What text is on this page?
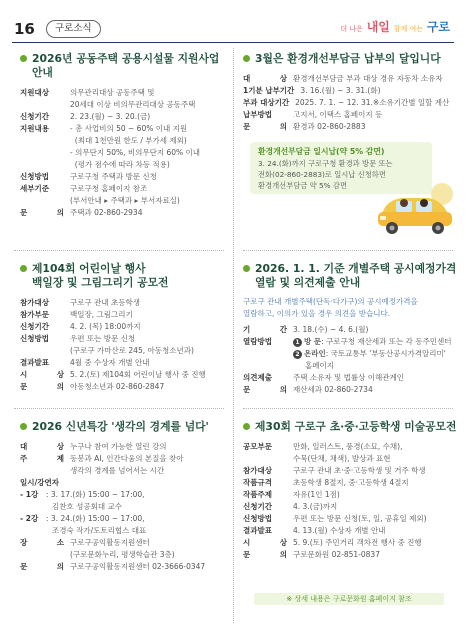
16	구로소식	더 나은 내일 함께 여는 구로
2026년 공동주택 공용시설물 지원사업 안내
지원대상	의무관리대상 공동주택 및
20세대 이상 비의무관리대상 공동주택
신청기간	2. 23.(월) ~ 3. 20.(금)
지원내용	- 총 사업비의 50 ~ 60% 이내 지원
(최대 1천만원 한도 / 부가세 제외)
- 의무단지 50%, 비의무단지 60% 이내
(평가 점수에 따라 차등 적용)
신청방법	구로구청 주택과 방문 신청
세부기준	구로구청 홈페이지 참조
(부서안내 ▸ 주택과 ▸ 부서자료실)
문 의 주택과 02-860-2934
3월은 환경개선부담금 납부의 달입니다
대 상 환경개선부담금 부과 대상 경유 자동차 소유자
1기분 납부기간 3. 16.(월) ~ 3. 31.(화)
부과 대상기간 2025. 7. 1. ~ 12. 31.※소유기간별 일할 계산
납부방법	고지서, 이택스 홈페이지 등
문 의 환경과 02-860-2883
환경개선부담금 일시납(약 5% 감면)
3. 24.(화)까지 구로구청 환경과 방문 또는
전화(02-860-2883)로 일시납 신청하면
환경개선부담금 약 5% 감면
제104회 어린이날 행사
백일장 및 그림그리기 공모전
참가대상	구로구 관내 초등학생
참가부문	백일장, 그림그리기
신청기간	4. 2. (목) 18:00까지
신청방법	우편 또는 방문 신청
(구로구 가마산로 245, 아동청소년과)
결과발표	4월 중 수상자 개별 안내
시 상 5. 2.(토) 제104회 어린이날 행사 중 진행
문 의 아동청소년과 02-860-2847
2026. 1. 1. 기준 개별주택 공시예정가격
열람 및 의견제출 안내
구로구 관내 개별주택(단독·다가구)의 공시예정가격을
열람하고, 이의가 있을 경우 의견을 받습니다.
기 간 3. 18.(수) ~ 4. 6.(월)
열람방법	1 방 문: 구로구청 재산세과 또는 각 동주민센터
2 온라인: 국토교통부 '부동산공시가격알리미'
홈페이지
의견제출	주택 소유자 및 법률상 이해관계인
문 의 재산세과 02-860-2734
2026 신년특강 '생각의 경계를 넘다'
대 상 누구나 참여 가능한 열린 강의
주 제 동봉과 AI, 인간다움의 본질을 찾아
생각의 경계를 넘어서는 시간
일시/강연자
- 1강	: 3. 17.(화) 15:00 ~ 17:00,
김찬호 성공회대 교수
- 2강	: 3. 24.(화) 15:00 ~ 17:00,
조경숙 작가/도토리협스 대표
장 소 구로구공익활동지원센터
(구로문화누리, 평생학습관 3층)
문 의 구로구공익활동지원센터 02-3666-0347
제30회 구로구 초·중·고등학생 미술공모전
공모부문	만화, 일러스트, 풍경(소묘, 수채),
수묵(단채, 채색), 발상과 표현
참가대상	구로구 관내 초·중·고등학생 및 거주 학생
작품규격	초등학생 8절지, 중·고등학생 4절지
작품주제	자유(1인 1점)
신청기간	4. 3.(금)까지
신청방법	우편 또는 방문 신청(토, 일, 공휴일 제외)
결과발표	4. 13.(월) 수상자 개별 안내
시 상 5. 9.(토) 주민거리 객차전 행사 중 진행
문 의 구로문화원 02-851-0837
※ 상세 내용은 구로문화원 홈페이지 참조
